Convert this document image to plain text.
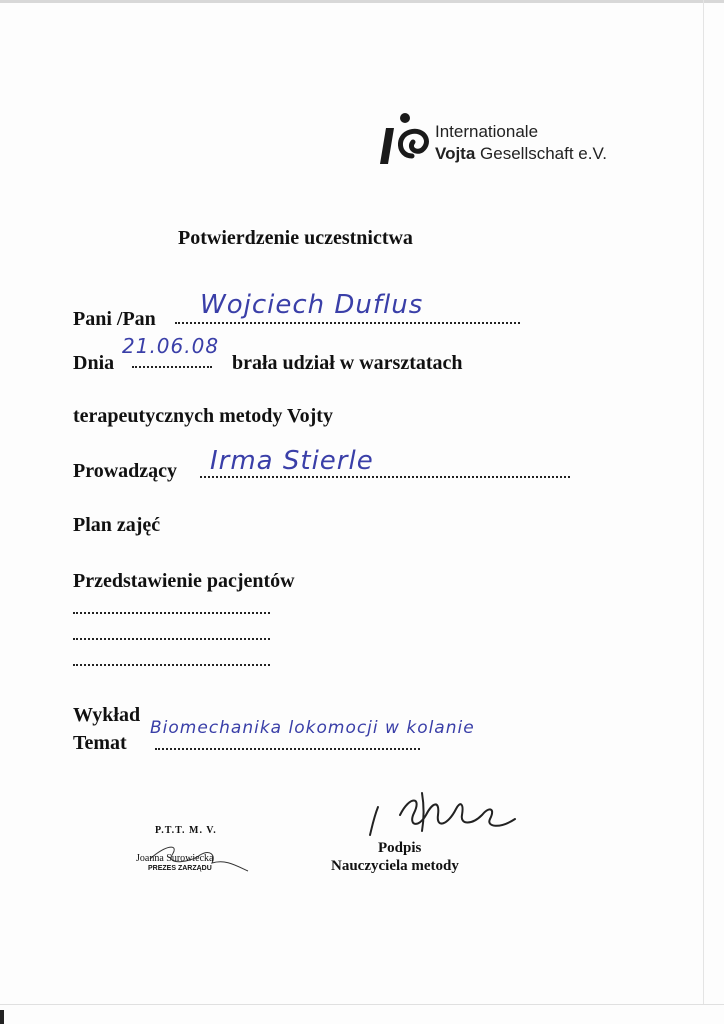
Internationale
Vojta Gesellschaft e.V.
Potwierdzenie uczestnictwa
Pani /Pan Wojciech Duflus
Dnia
21.06.08
brała udział w warsztatach
terapeutycznych metody Vojty
Prowadzący Irma Stierle
Plan zajęć
Przedstawienie pacjentów
Wykład
Temat
Biomechanika lokomocji w kolanie
P.T.T. M. V.
Joanna Surowiecka
PREZES ZARZĄDU
Podpis
Nauczyciela metody
